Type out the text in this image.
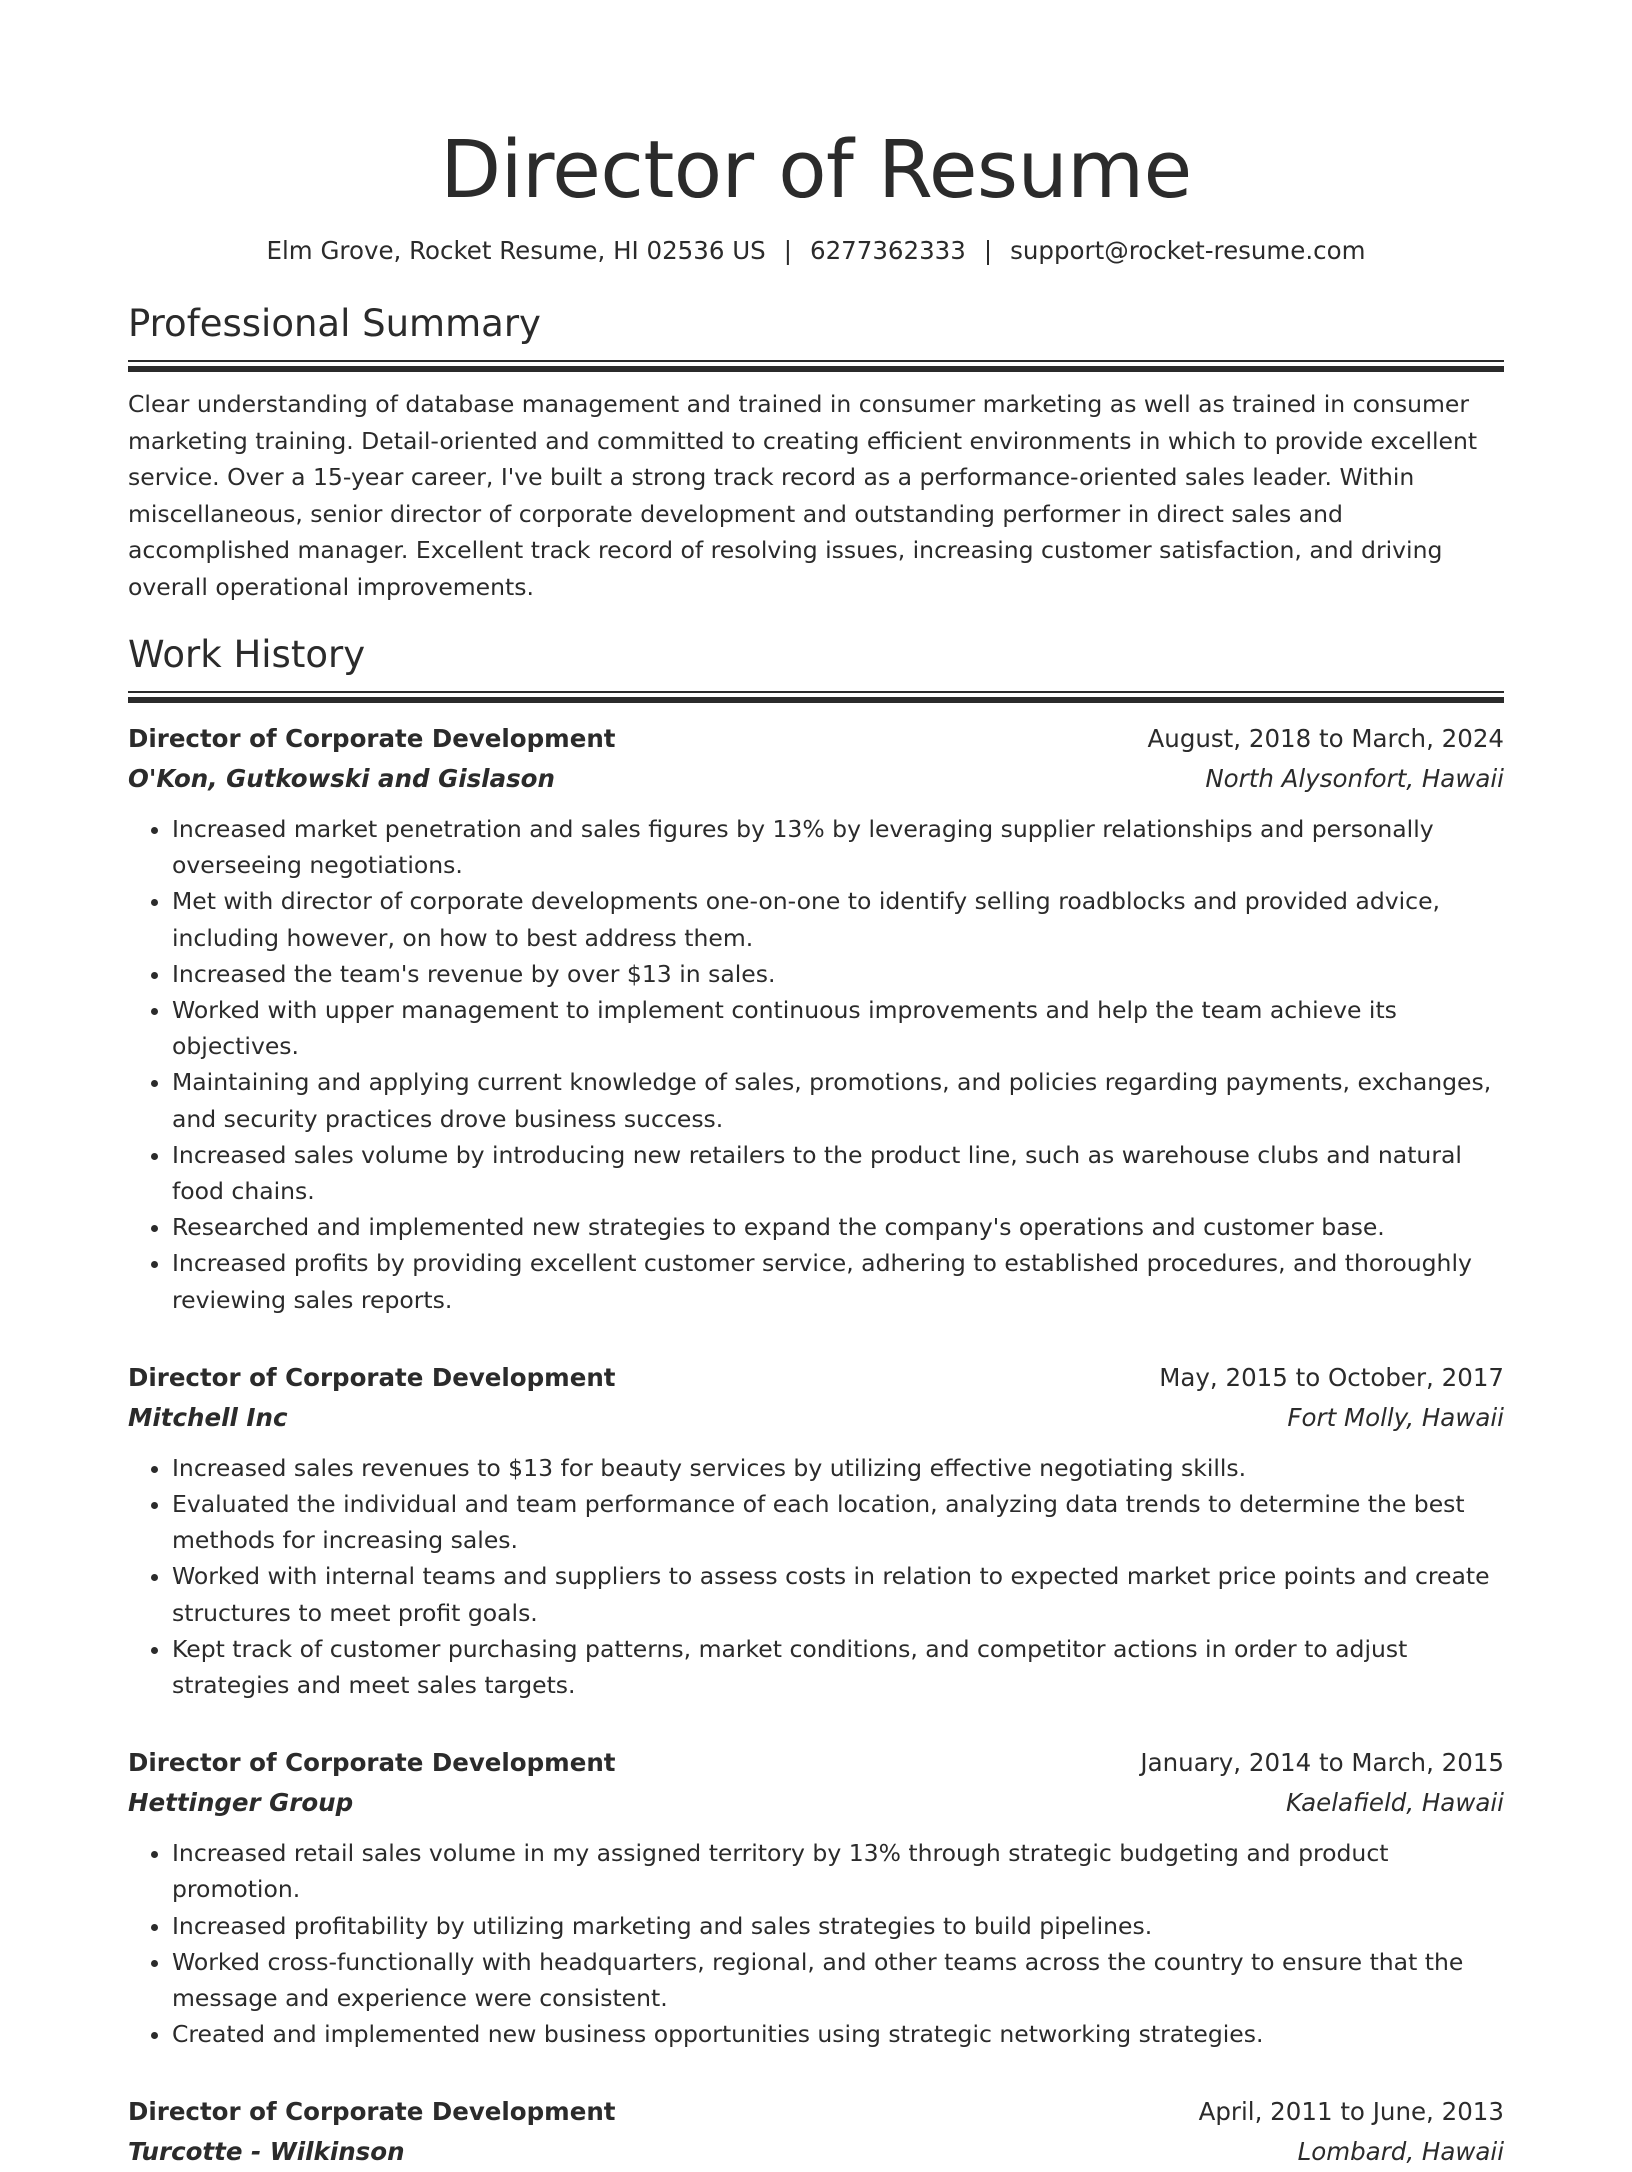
Director of Resume
Elm Grove, Rocket Resume, HI 02536 US | 6277362333 | support@rocket-resume.com
Professional Summary

Clear understanding of database management and trained in consumer marketing as well as trained in consumer marketing training. Detail-oriented and committed to creating efficient environments in which to provide excellent service. Over a 15-year career, I've built a strong track record as a performance-oriented sales leader. Within miscellaneous, senior director of corporate development and outstanding performer in direct sales and accomplished manager. Excellent track record of resolving issues, increasing customer satisfaction, and driving overall operational improvements.

Work History
Director of Corporate Development	August, 2018 to March, 2024
O'Kon, Gutkowski and Gislason	North Alysonfort, Hawaii
• Increased market penetration and sales figures by 13% by leveraging supplier relationships and personally overseeing negotiations.
• Met with director of corporate developments one-on-one to identify selling roadblocks and provided advice, including however, on how to best address them.
• Increased the team's revenue by over $13 in sales.
• Worked with upper management to implement continuous improvements and help the team achieve its objectives.
• Maintaining and applying current knowledge of sales, promotions, and policies regarding payments, exchanges, and security practices drove business success.
• Increased sales volume by introducing new retailers to the product line, such as warehouse clubs and natural food chains.
• Researched and implemented new strategies to expand the company's operations and customer base.
• Increased profits by providing excellent customer service, adhering to established procedures, and thoroughly reviewing sales reports.
Director of Corporate Development	May, 2015 to October, 2017
Mitchell Inc	Fort Molly, Hawaii
• Increased sales revenues to $13 for beauty services by utilizing effective negotiating skills.
• Evaluated the individual and team performance of each location, analyzing data trends to determine the best methods for increasing sales.
• Worked with internal teams and suppliers to assess costs in relation to expected market price points and create structures to meet profit goals.
• Kept track of customer purchasing patterns, market conditions, and competitor actions in order to adjust strategies and meet sales targets.
Director of Corporate Development	January, 2014 to March, 2015
Hettinger Group	Kaelafield, Hawaii
• Increased retail sales volume in my assigned territory by 13% through strategic budgeting and product promotion.
• Increased profitability by utilizing marketing and sales strategies to build pipelines.
• Worked cross-functionally with headquarters, regional, and other teams across the country to ensure that the message and experience were consistent.
• Created and implemented new business opportunities using strategic networking strategies.
Director of Corporate Development	April, 2011 to June, 2013
Turcotte - Wilkinson	Lombard, Hawaii
